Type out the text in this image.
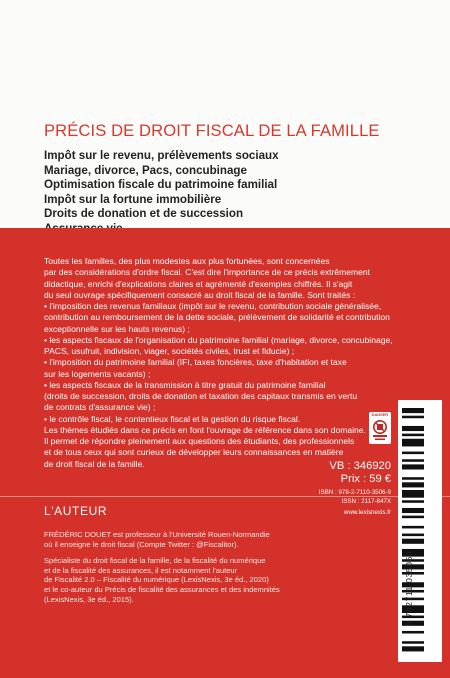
PRÉCIS DE DROIT FISCAL DE LA FAMILLE
Impôt sur le revenu, prélèvements sociaux
Mariage, divorce, Pacs, concubinage
Optimisation fiscale du patrimoine familial
Impôt sur la fortune immobilière
Droits de donation et de succession
Toutes les familles, des plus modestes aux plus fortunées, sont concernées
par des considérations d'ordre fiscal. C'est dire l'importance de ce précis extrêmement
didactique, enrichi d'explications claires et agrémenté d'exemples chiffrés. Il s'agit
du seul ouvrage spécifiquement consacré au droit fiscal de la famille. Sont traités :
• l'imposition des revenus familiaux (impôt sur le revenu, contribution sociale généralisée,
contribution au remboursement de la dette sociale, prélèvement de solidarité et contribution
exceptionnelle sur les hauts revenus) ;
• les aspects fiscaux de l'organisation du patrimoine familial (mariage, divorce, concubinage,
PACS, usufruit, indivision, viager, sociétés civiles, trust et fiducie) ;
• l'imposition du patrimoine familial (IFI, taxes foncières, taxe d'habitation et taxe
sur les logements vacants) ;
• les aspects fiscaux de la transmission à titre gratuit du patrimoine familial
(droits de succession, droits de donation et taxation des capitaux transmis en vertu
de contrats d'assurance vie) ;
• le contrôle fiscal, le contentieux fiscal et la gestion du risque fiscal.
Les thèmes étudiés dans ce précis en font l'ouvrage de référence dans son domaine.
Il permet de répondre pleinement aux questions des étudiants, des professionnels
et de tous ceux qui sont curieux de développer leurs connaissances en matière
de droit fiscal de la famille.
L'AUTEUR
FRÉDÉRIC DOUET est professeur à l'Université Rouen-Normandie
où il enseigne le droit fiscal (Compte Twitter : @Fiscalitor).
Spécialiste du droit fiscal de la famille, de la fiscalité du numérique
et de la fiscalité des assurances, il est notamment l'auteur
de Fiscalité 2.0 – Fiscalité du numérique (LexisNexis, 3e éd., 2020)
et le co-auteur du Précis de fiscalité des assurances et des indemnités
(LexisNexis, 3e éd., 2015).
DANGER
VB : 346920
Prix : 59 €
ISBN : 978-2-7110-3506-9
ISSN : 2117-847X
www.lexisnexis.fr
9 782711 035069
